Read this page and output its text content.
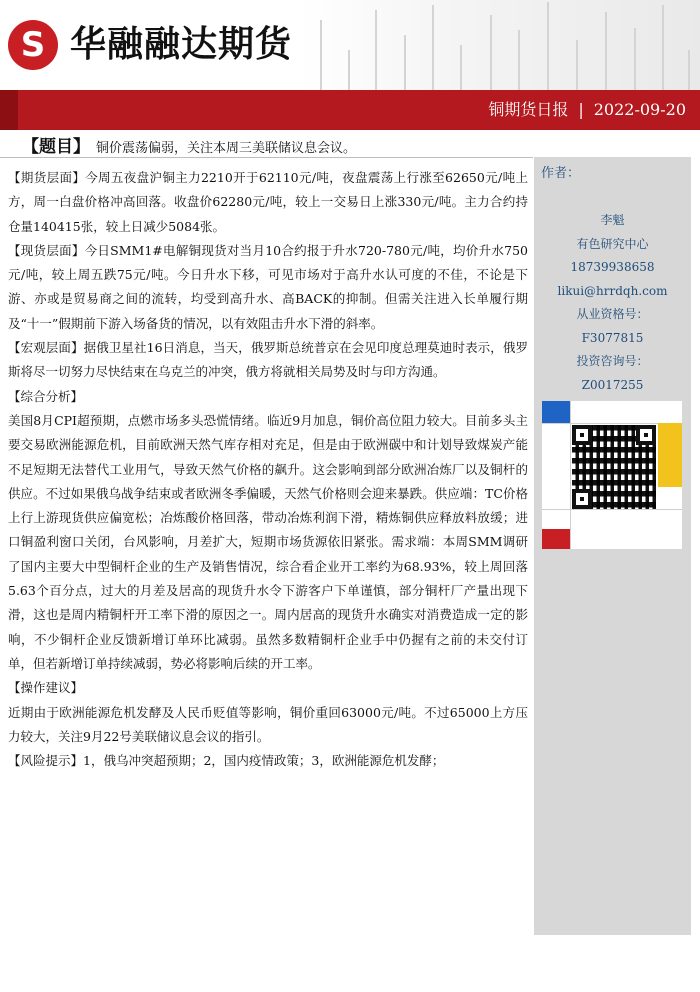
S 华融融达期货
铜期货日报 | 2022-09-20
【题目】 铜价震荡偏弱，关注本周三美联储议息会议。

【期货层面】今周五夜盘沪铜主力2210开于62110元/吨，夜盘震荡上行涨至62650元/吨上方，周一白盘价格冲高回落。收盘价62280元/吨，较上一交易日上涨330元/吨。主力合约持仓量140415张，较上日减少5084张。

【现货层面】今日SMM1#电解铜现货对当月10合约报于升水720-780元/吨，均价升水750元/吨，较上周五跌75元/吨。今日升水下移，可见市场对于高升水认可度的不佳，不论是下游、亦或是贸易商之间的流转，均受到高升水、高BACK的抑制。但需关注进入长单履行期及“十一”假期前下游入场备货的情况，以有效阻击升水下滑的斜率。

【宏观层面】据俄卫星社16日消息，当天，俄罗斯总统普京在会见印度总理莫迪时表示，俄罗斯将尽一切努力尽快结束在乌克兰的冲突，俄方将就相关局势及时与印方沟通。

【综合分析】

美国8月CPI超预期，点燃市场多头恐慌情绪。临近9月加息，铜价高位阻力较大。目前多头主要交易欧洲能源危机，目前欧洲天然气库存相对充足，但是由于欧洲碳中和计划导致煤炭产能不足短期无法替代工业用气，导致天然气价格的飙升。这会影响到部分欧洲冶炼厂以及铜杆的供应。不过如果俄乌战争结束或者欧洲冬季偏暖，天然气价格则会迎来暴跌。供应端：TC价格上行上游现货供应偏宽松；冶炼酸价格回落，带动冶炼利润下滑，精炼铜供应释放料放缓；进口铜盈利窗口关闭，台风影响，月差扩大，短期市场货源依旧紧张。需求端：本周SMM调研了国内主要大中型铜杆企业的生产及销售情况，综合看企业开工率约为68.93%，较上周回落5.63个百分点，过大的月差及居高的现货升水令下游客户下单谨慎，部分铜杆厂产量出现下滑，这也是周内精铜杆开工率下滑的原因之一。周内居高的现货升水确实对消费造成一定的影响，不少铜杆企业反馈新增订单环比减弱。虽然多数精铜杆企业手中仍握有之前的未交付订单，但若新增订单持续减弱，势必将影响后续的开工率。

【操作建议】

近期由于欧洲能源危机发酵及人民币贬值等影响，铜价重回63000元/吨。不过65000上方压力较大，关注9月22号美联储议息会议的指引。

【风险提示】1，俄乌冲突超预期；2，国内疫情政策；3，欧洲能源危机发酵；

作者：
李魁
有色研究中心
18739938658
likui@hrrdqh.com
从业资格号：
F3077815
投资咨询号：
Z0017255
